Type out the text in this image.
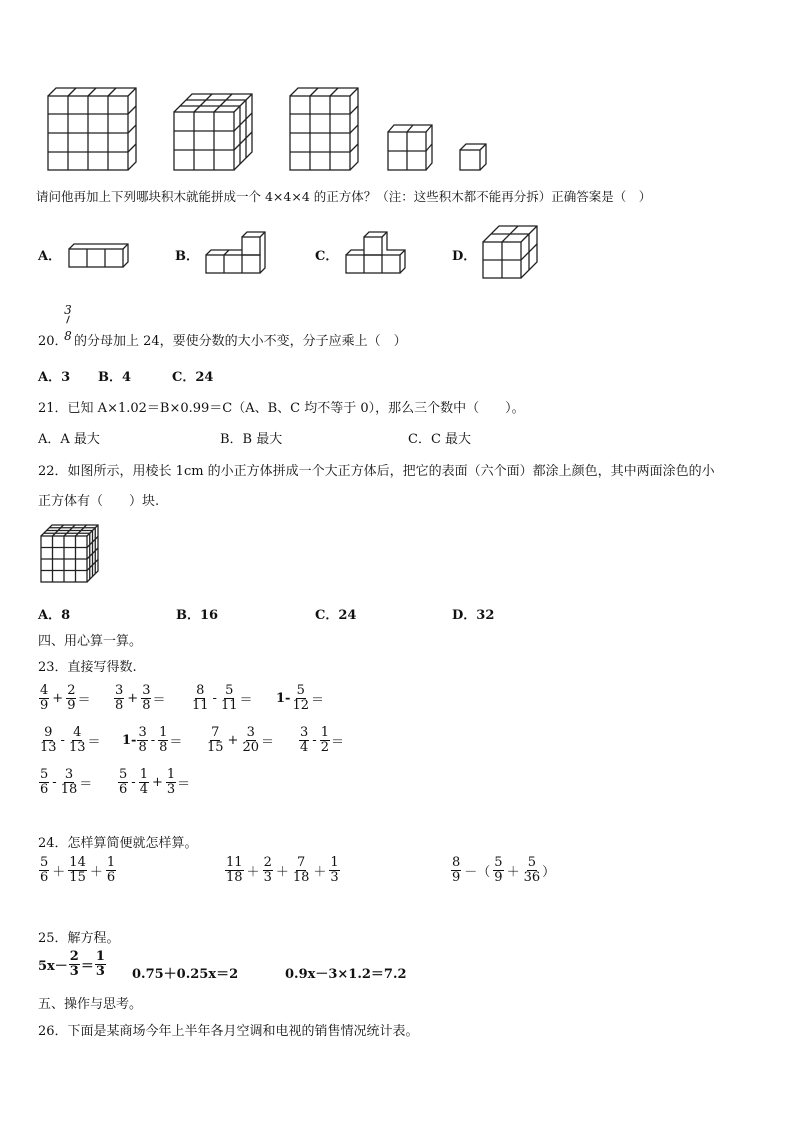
请问他再加上下列哪块积木就能拼成一个 4×4×4 的正方体？（注：这些积木都不能再分拆）正确答案是（　）
A．	B．	C．	D．
20．
3
8 的分母加上 24，要使分数的大小不变，分子应乘上（　）
A．3 B．4	C．24
21．已知 A×1.02＝B×0.99＝C（A、B、C 均不等于 0），那么三个数中（　　）。
A．A 最大	B．B 最大	C．C 最大
22．如图所示，用棱长 1cm 的小正方体拼成一个大正方体后，把它的表面（六个面）都涂上颜色，其中两面涂色的小
正方体有（　　）块.
A．8	B．16	C．24	D．32
四、用心算一算。
23．直接写得数.
$\frac{4}{9} + \frac{2}{9} = \frac{3}{8} + \frac{3}{8} = \frac{8}{11} - \frac{5}{11} = 1- \frac{5}{12}$ ＝
$\frac{9}{13} - \frac{4}{13} = 1- \frac{3}{8} - \frac{1}{8} = \frac{7}{15} + \frac{3}{20} = \frac{3}{4} - \frac{1}{2}$ ＝
$\frac{5}{6} - \frac{3}{18} = \frac{5}{6} - \frac{1}{4} + \frac{1}{3}$ ＝
24．怎样算简便就怎样算。
$\frac{5}{6} + \frac{14}{15} + \frac{1}{6}$	$\frac{11}{18} + \frac{2}{3} + \frac{7}{18} + \frac{1}{3}$	$\frac{8}{9}$ －（ $\frac{5}{9} + \frac{5}{36}$ ）
25．解方程。
$5x- \frac{2}{3} = \frac{1}{3} 0.75+0.25x=2$	0.9x－3×1.2＝7.2
五、操作与思考。
26．下面是某商场今年上半年各月空调和电视的销售情况统计表。
